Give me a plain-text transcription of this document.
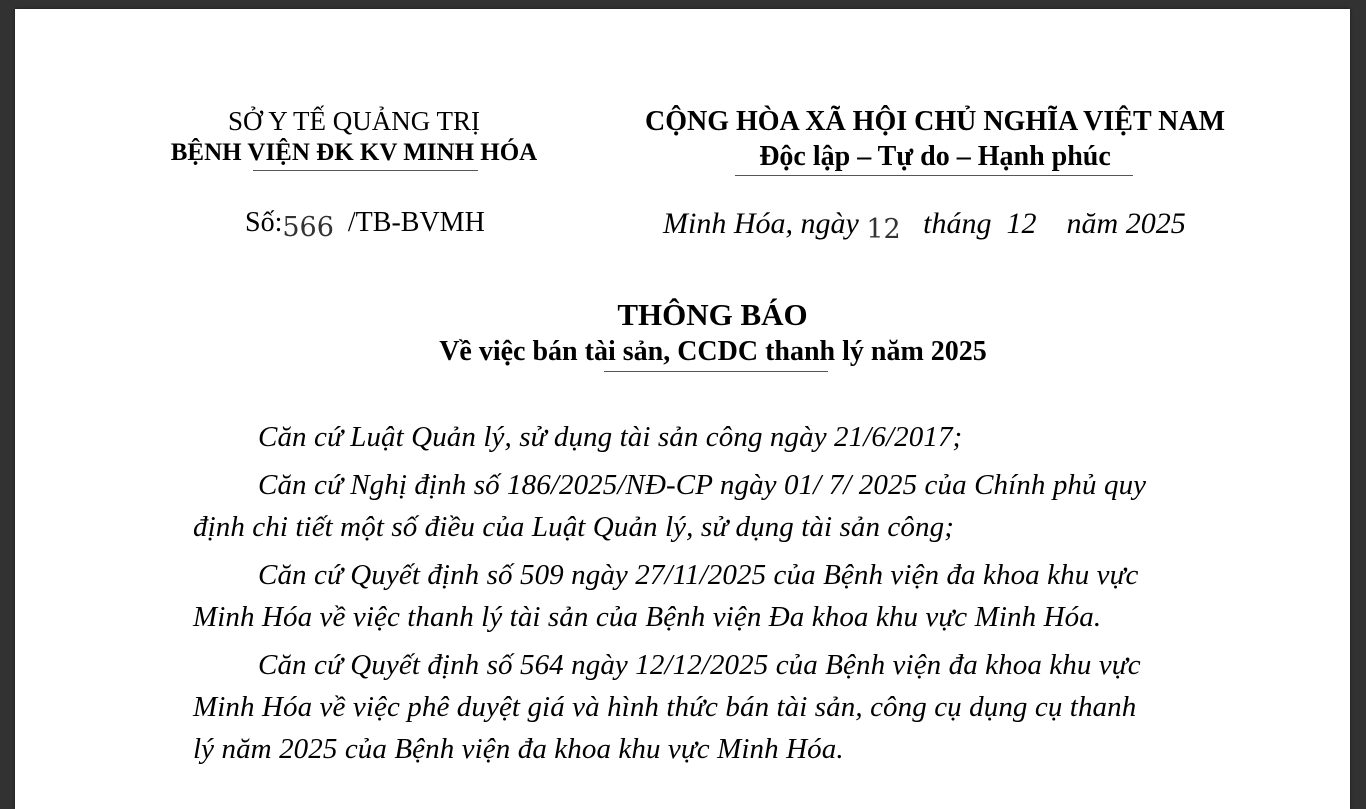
SỞ Y TẾ QUẢNG TRỊ
BỆNH VIỆN ĐK KV MINH HÓA
CỘNG HÒA XÃ HỘI CHỦ NGHĨA VIỆT NAM
Độc lập – Tự do – Hạnh phúc
Số:566 /TB-BVMH	Minh Hóa, ngày 12 tháng 12 năm 2025
THÔNG BÁO
Về việc bán tài sản, CCDC thanh lý năm 2025
Căn cứ Luật Quản lý, sử dụng tài sản công ngày 21/6/2017;
Căn cứ Nghị định số 186/2025/NĐ-CP ngày 01/ 7/ 2025 của Chính phủ quy
định chi tiết một số điều của Luật Quản lý, sử dụng tài sản công;
Căn cứ Quyết định số 509 ngày 27/11/2025 của Bệnh viện đa khoa khu vực
Minh Hóa về việc thanh lý tài sản của Bệnh viện Đa khoa khu vực Minh Hóa.
Căn cứ Quyết định số 564 ngày 12/12/2025 của Bệnh viện đa khoa khu vực
Minh Hóa về việc phê duyệt giá và hình thức bán tài sản, công cụ dụng cụ thanh
lý năm 2025 của Bệnh viện đa khoa khu vực Minh Hóa.
